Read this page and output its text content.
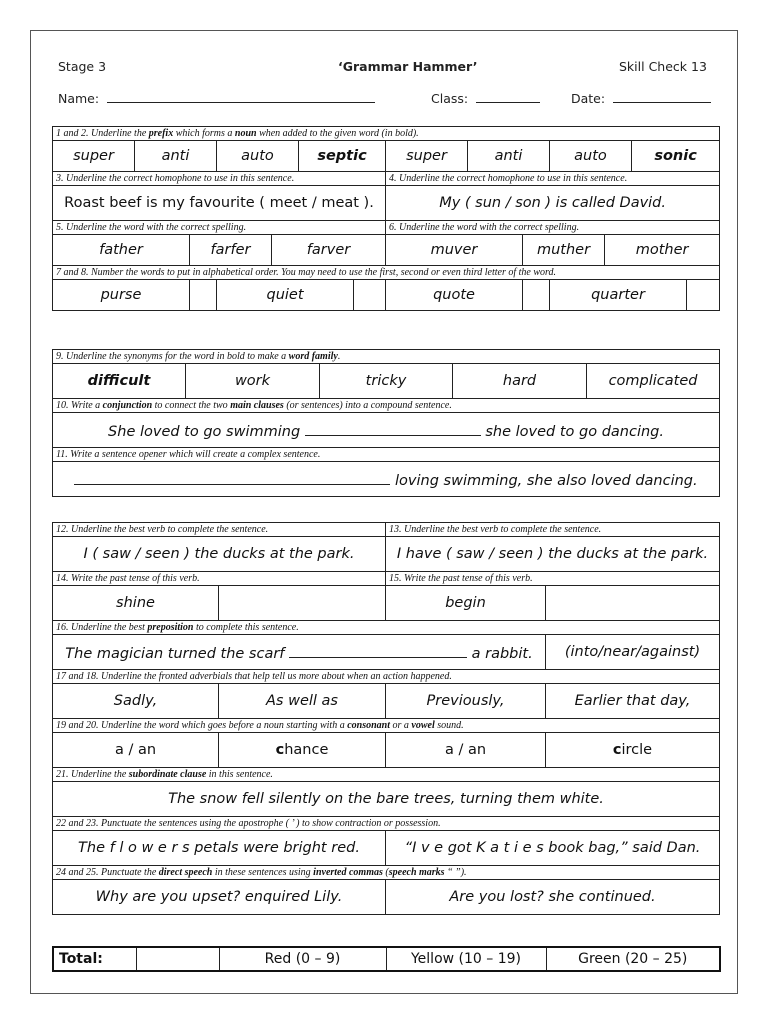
Stage 3	‘Grammar Hammer’	Skill Check 13
Name:	Class:	Date:
1 and 2. Underline the prefix which forms a noun when added to the given word (in bold).													
super	anti		auto		septic		super	anti		auto		sonic	
3. Underline the correct homophone to use in this sentence.							4. Underline the correct homophone to use in this sentence.						
Roast beef is my favourite ( meet / meat ).							My ( sun / son ) is called David.						
5. Underline the word with the correct spelling.							6. Underline the word with the correct spelling.						
father		farfer		farver			muver		muther		mother		
7 and 8. Number the words to put in alphabetical order. You may need to use the first, second or even third letter of the word.													
purse			quiet				quote			quarter			
9. Underline the synonyms for the word in bold to make a word family.
difficult	work	tricky	hard	complicated
10. Write a conjunction to connect the two main clauses (or sentences) into a compound sentence.
She loved to go swimming	she loved to go dancing.
11. Write a sentence opener which will create a complex sentence.
loving swimming, she also loved dancing.
12. Underline the best verb to complete the sentence.		13. Underline the best verb to complete the sentence.	
I ( saw / seen ) the ducks at the park.		I have ( saw / seen ) the ducks at the park.	
14. Write the past tense of this verb.		15. Write the past tense of this verb.	
shine		begin	
16. Underline the best preposition to complete this sentence.			
The magician turned the scarf a rabbit.			(into/near/against)
17 and 18. Underline the fronted adverbials that help tell us more about when an action happened.			
Sadly,	As well as	Previously,	Earlier that day,
19 and 20. Underline the word which goes before a noun starting with a consonant or a vowel sound.			
a / an	chance	a / an	circle
21. Underline the subordinate clause in this sentence.			
The snow fell silently on the bare trees, turning them white.			
22 and 23. Punctuate the sentences using the apostrophe ( ’ ) to show contraction or possession.			
The f l o w e r s petals were bright red.		“I v e got K a t i e s book bag,” said Dan.	
24 and 25. Punctuate the direct speech in these sentences using inverted commas (speech marks “ ”).			
Why are you upset? enquired Lily.		Are you lost? she continued.	
Total:		Red (0 – 9)	Yellow (10 – 19)	Green (20 – 25)
